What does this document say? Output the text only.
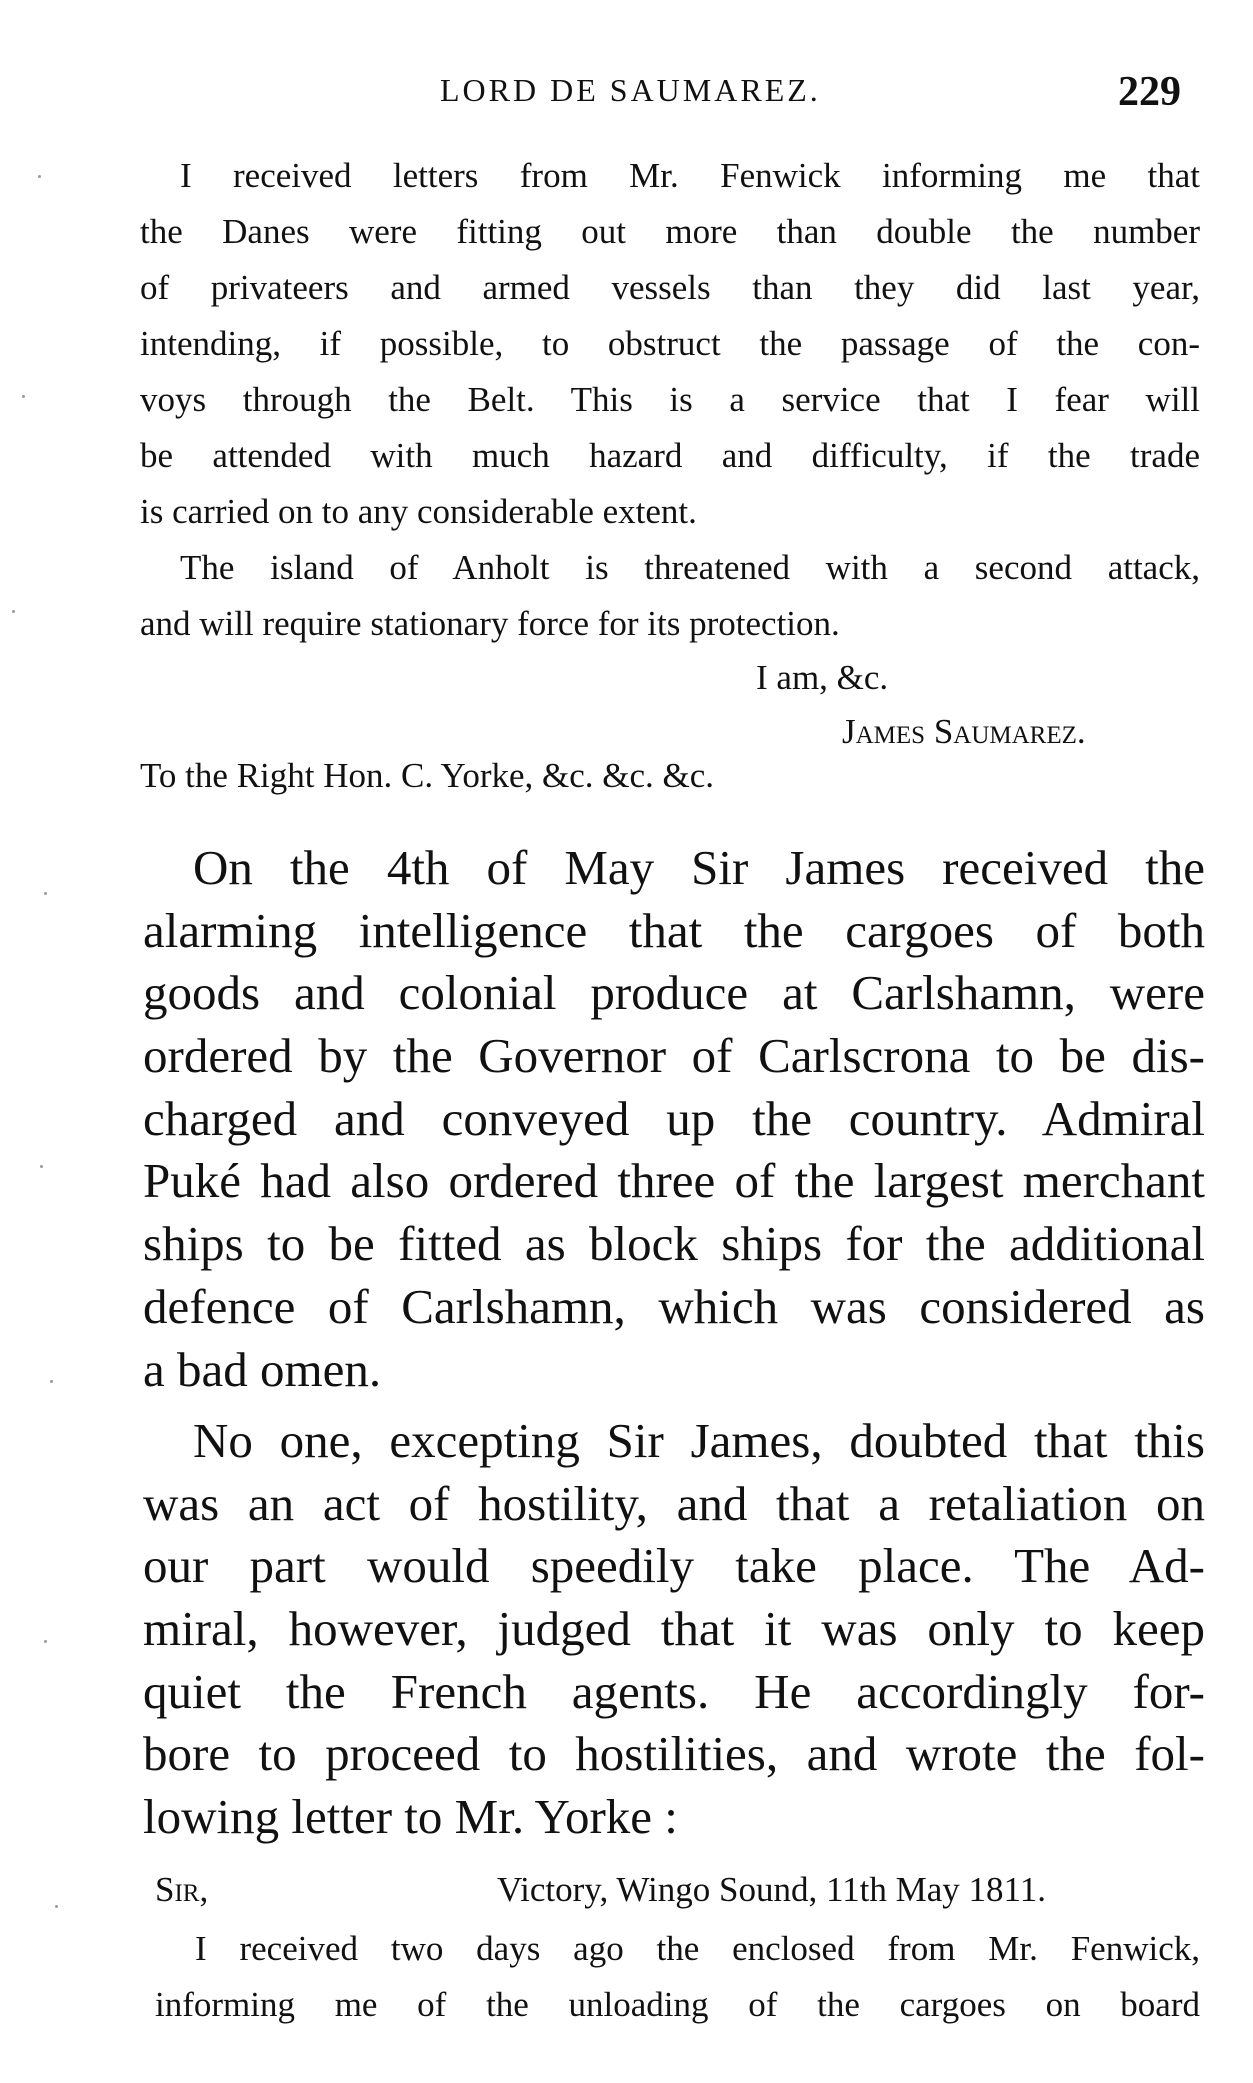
LORD DE SAUMAREZ.	229
I received letters from Mr. Fenwick informing me that
the Danes were fitting out more than double the number
of privateers and armed vessels than they did last year,
intending, if possible, to obstruct the passage of the con-
voys through the Belt. This is a service that I fear will
be attended with much hazard and difficulty, if the trade
is carried on to any considerable extent.
The island of Anholt is threatened with a second attack,
and will require stationary force for its protection.
I am, &c.
James Saumarez.
To the Right Hon. C. Yorke, &c. &c. &c.
On the 4th of May Sir James received the
alarming intelligence that the cargoes of both
goods and colonial produce at Carlshamn, were
ordered by the Governor of Carlscrona to be dis-
charged and conveyed up the country. Admiral
Puké had also ordered three of the largest merchant
ships to be fitted as block ships for the additional
defence of Carlshamn, which was considered as
a bad omen.
No one, excepting Sir James, doubted that this
was an act of hostility, and that a retaliation on
our part would speedily take place. The Ad-
miral, however, judged that it was only to keep
quiet the French agents. He accordingly for-
bore to proceed to hostilities, and wrote the fol-
lowing letter to Mr. Yorke :
Sir,	Victory, Wingo Sound, 11th May 1811.
I received two days ago the enclosed from Mr. Fenwick,
informing me of the unloading of the cargoes on board
